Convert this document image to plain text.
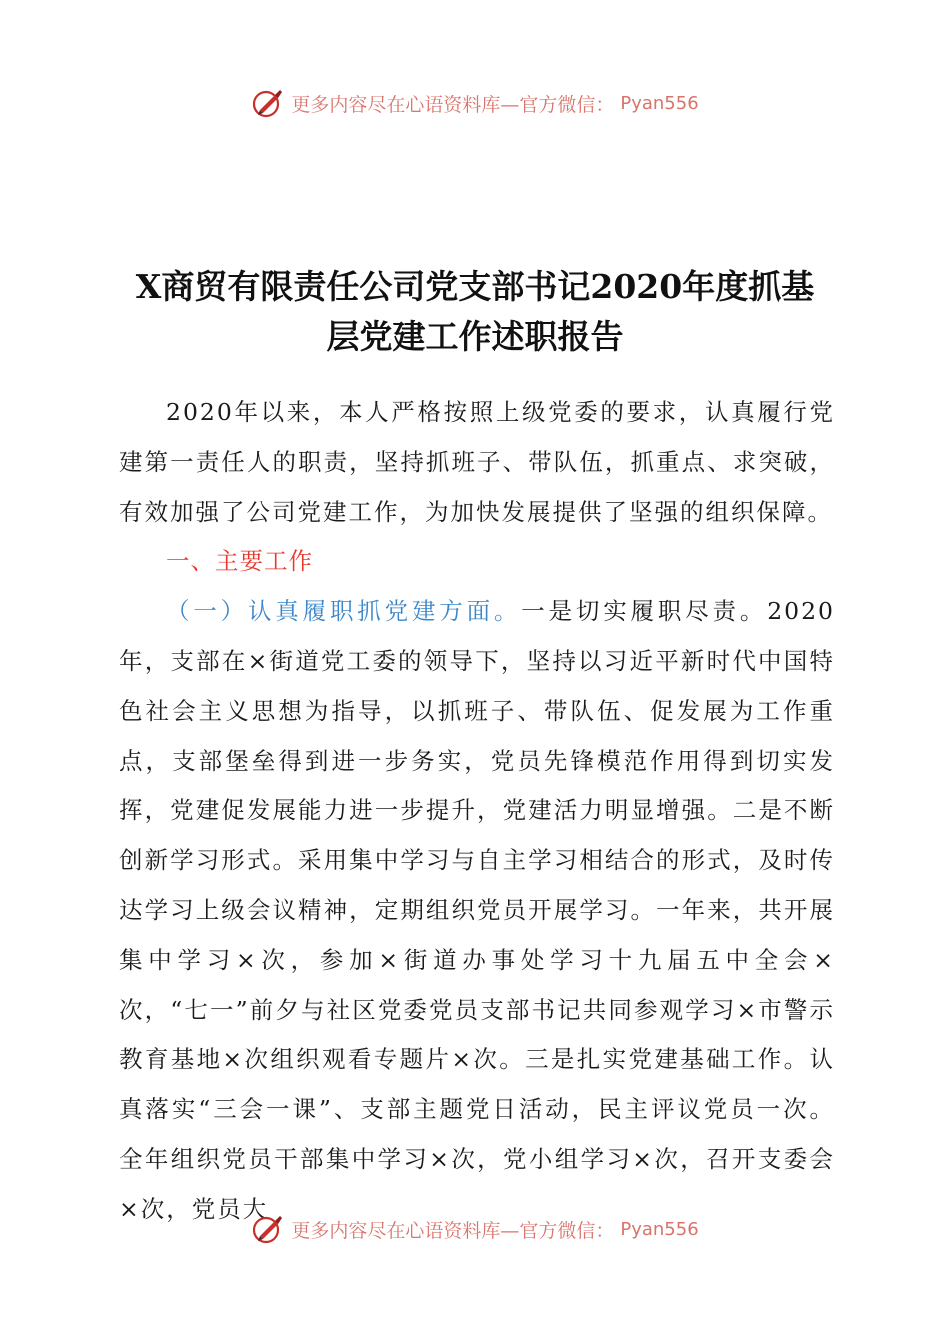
更多内容尽在心语资料库—官方微信： Pyan556
X商贸有限责任公司党支部书记2020年度抓基
层党建工作述职报告

2020年以来，本人严格按照上级党委的要求，认真履行党建第一责任人的职责，坚持抓班子、带队伍，抓重点、求突破，有效加强了公司党建工作，为加快发展提供了坚强的组织保障。

一、主要工作

（一）认真履职抓党建方面。一是切实履职尽责。2020年，支部在×街道党工委的领导下，坚持以习近平新时代中国特色社会主义思想为指导，以抓班子、带队伍、促发展为工作重点，支部堡垒得到进一步务实，党员先锋模范作用得到切实发挥，党建促发展能力进一步提升，党建活力明显增强。二是不断创新学习形式。采用集中学习与自主学习相结合的形式，及时传达学习上级会议精神，定期组织党员开展学习。一年来，共开展集中学习×次，参加×街道办事处学习十九届五中全会×次，“七一”前夕与社区党委党员支部书记共同参观学习×市警示教育基地×次组织观看专题片×次。三是扎实党建基础工作。认真落实“三会一课”、支部主题党日活动，民主评议党员一次。全年组织党员干部集中学习×次，党小组学习×次，召开支委会×次，党员大

更多内容尽在心语资料库—官方微信： Pyan556
